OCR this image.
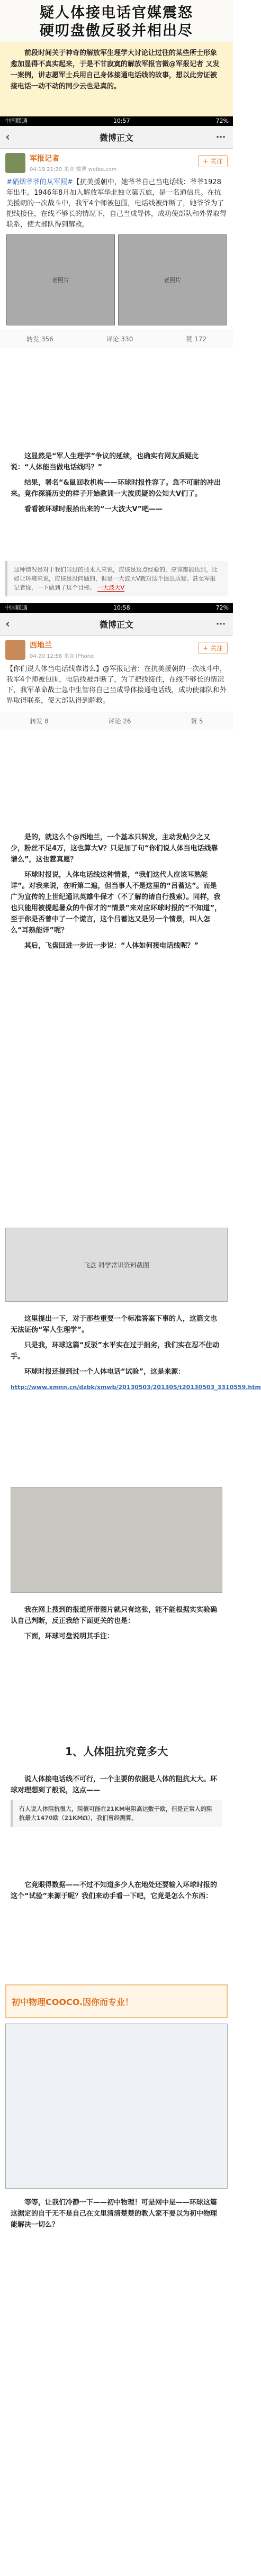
疑人体接电话官媒震怒
硬叨盘傲反驳并相出尽
前段时间关于神奇的解放军生理学大讨论让过往的某些所士形象愈加显得不真实起来，于是不甘寂寞的解放军报官微@军报记者 又发一案例，讲志愿军士兵用自己身体接通电话线的故事，想以此旁证被接电话一动不动的同少云也是真的。
中国联通	10:57	72%
‹	微博正文	⋯
军报记者
04-19 21:30 来自 微博 weibo.com
+ 关注
#硝烟爷爷的从军照#【抗美援朝中，她爷爷自己当电话线：爷爷1928年出生。1946年8月加入解放军华北独立第五旅，是一名通信兵。在抗美援朝的一次战斗中，我军4个师被包围，电话线被炸断了，她爷爷为了把线接住，在线不够长的情况下，自己当成导体，成功使部队和外界取得联系，使大部队得到解救。
老照片	老照片
转发 356	评论 330	赞 172

这显然是“军人生理学”争议的延续，也确实有网友质疑此说：“人体能当做电话线吗？”

结果，署名“&鼠回收机构——环球时报性容了。急不可耐的冲出来。竟作深涌历史的样子开始教训一大波质疑的公知大V们了。

看看被环球时报抬出来的“一大波大V”吧——

这种情况是对于我们当过的技术人来说，应该是这点经验的，应该都能达到，比如让环境来说，应该是没问题的，但是一大波大V就对这个提出质疑。甚至军报记者说，一下做到了这个目标。 一大波大V
中国联通	10:58	72%
‹	微博正文	⋯
西地兰
04-20 12:56 来自 iPhone
+ 关注
【你们说人体当电话线靠谱么】@军报记者：在抗美援朝的一次战斗中，我军4个师被包围，电话线被炸断了，为了把线接住，在线不够长的情况下，我军革命战士急中生智将自己当成导体接通电话线，成功使部队和外界取得联系，使大部队得到解救。
转发 8	评论 26	赞 5

是的，就这么个@西地兰，一个基本只转发，主动发帖少之又少，粉丝不足4万，这也算大V？只是加了句“你们说人体当电话线靠谱么”，这也惹真愿？

环球时报说，人体电话线这种情景，“我们这代人应该耳熟能详”。对我来说，在听第二遍，但当事人不是这里的“吕蓄达”。而是广为宣传的上世纪通讯英雄牛保才（不了解的请自行搜索）。同样，我也只能用被提起暑众的牛保才的“情景”来对应环球时报的“不知道”，至于你是否曾中了一个谎言，这个吕蓄达又是另一个情景，叫人怎么“耳熟能详”呢？

其后，飞盘回进一步近一步说：“人体如何接电话线呢？”

飞盘 科学常识资料截图

这里提出一下，对于那些重要一个标准答案下事的人，这篇文也无法证伪“军人生理学”。

只是我，环球这篇“反驳”水平实在过于拙劣，我们实在忍不住动手。

环球时报还提到过一个人体电话“试验”，这是来源：

http://www.xmnn.cn/dzbk/xmwb/20130503/201305/t20130503_3310559.htm

我在网上搜到的报道所带图片就只有这张，能不能根据实实验确认自己判断，反正我给下面更关的也是：

下面，环球可盘说明其手注：

1、人体阻抗究竟多大

说人体接电话线不可行，一个主要的依据是人体的阻抗太大。环球对理想到了般说，这点——

有人说人体阻抗很大，阻值可能在21KM电阻高达数千欧，但是正常人的阻抗最大1470欧（21KMΩ），我们曾经测算。

它竟眼得数据——不过不知道多少人在地处还要输入环球时报的这个“试验”来源于呢？我们来动手看一下吧，它竟是怎么个东西：

初中物理COOCO.因你而专业！

等等，让我们冷静一下——初中物理！可是网中是——环球这篇这据定的自干无不是自己在文里清清楚楚的教人家不要以为初中物理能解决一切么？
